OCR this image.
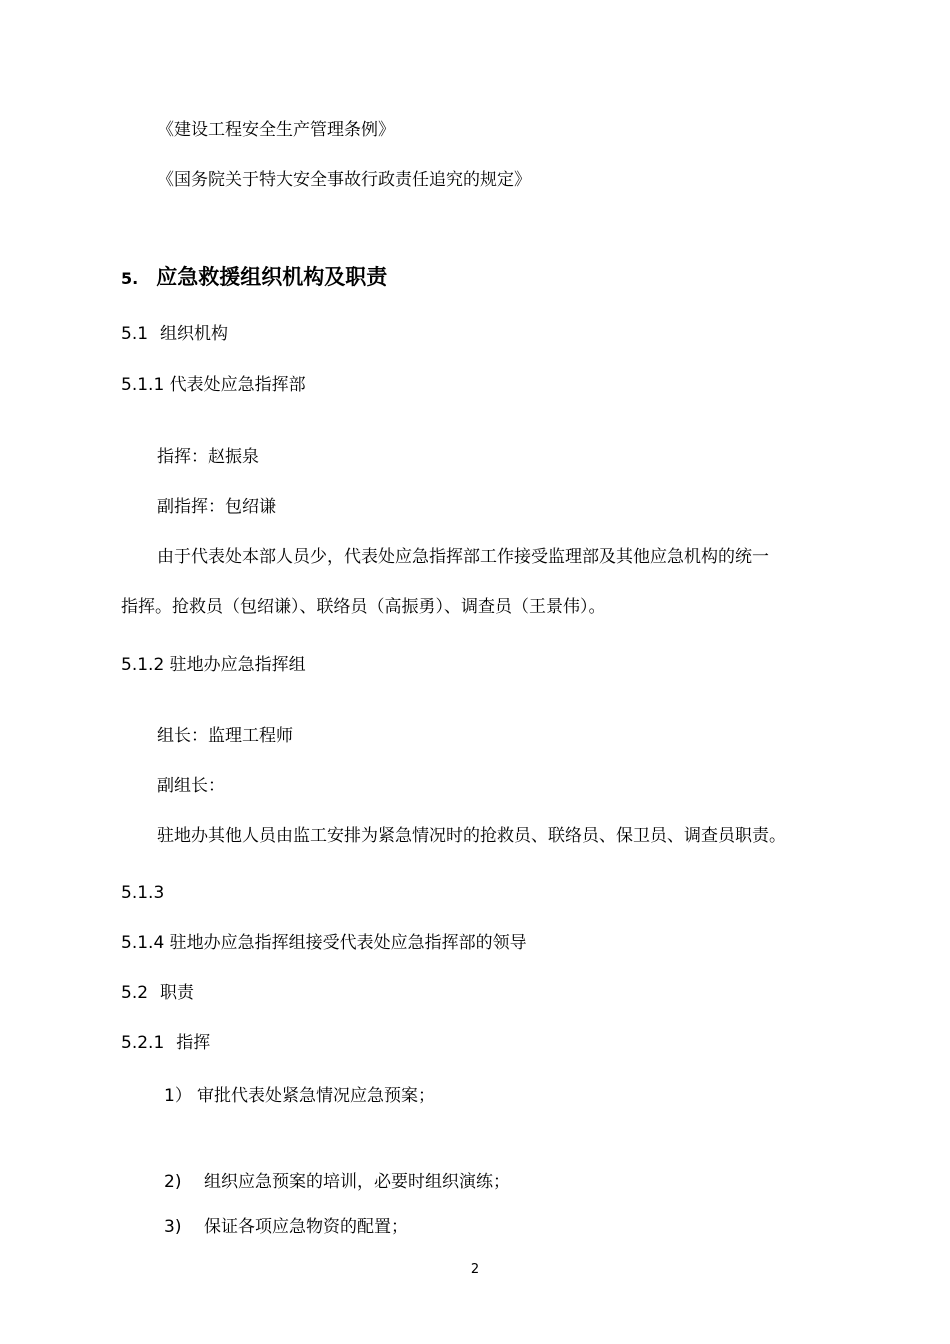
《建设工程安全生产管理条例》
《国务院关于特大安全事故行政责任追究的规定》
5. 应急救援组织机构及职责
5.1 组织机构
5.1.1 代表处应急指挥部
指挥：赵振泉
副指挥：包绍谦
由于代表处本部人员少，代表处应急指挥部工作接受监理部及其他应急机构的统一
指挥。抢救员（包绍谦）、联络员（高振勇）、调查员（王景伟）。
5.1.2 驻地办应急指挥组
组长：监理工程师
副组长：
驻地办其他人员由监工安排为紧急情况时的抢救员、联络员、保卫员、调查员职责。
5.1.3
5.1.4 驻地办应急指挥组接受代表处应急指挥部的领导
5.2 职责
5.2.1 指挥
1） 审批代表处紧急情况应急预案；
2) 组织应急预案的培训，必要时组织演练；
3) 保证各项应急物资的配置；
2
